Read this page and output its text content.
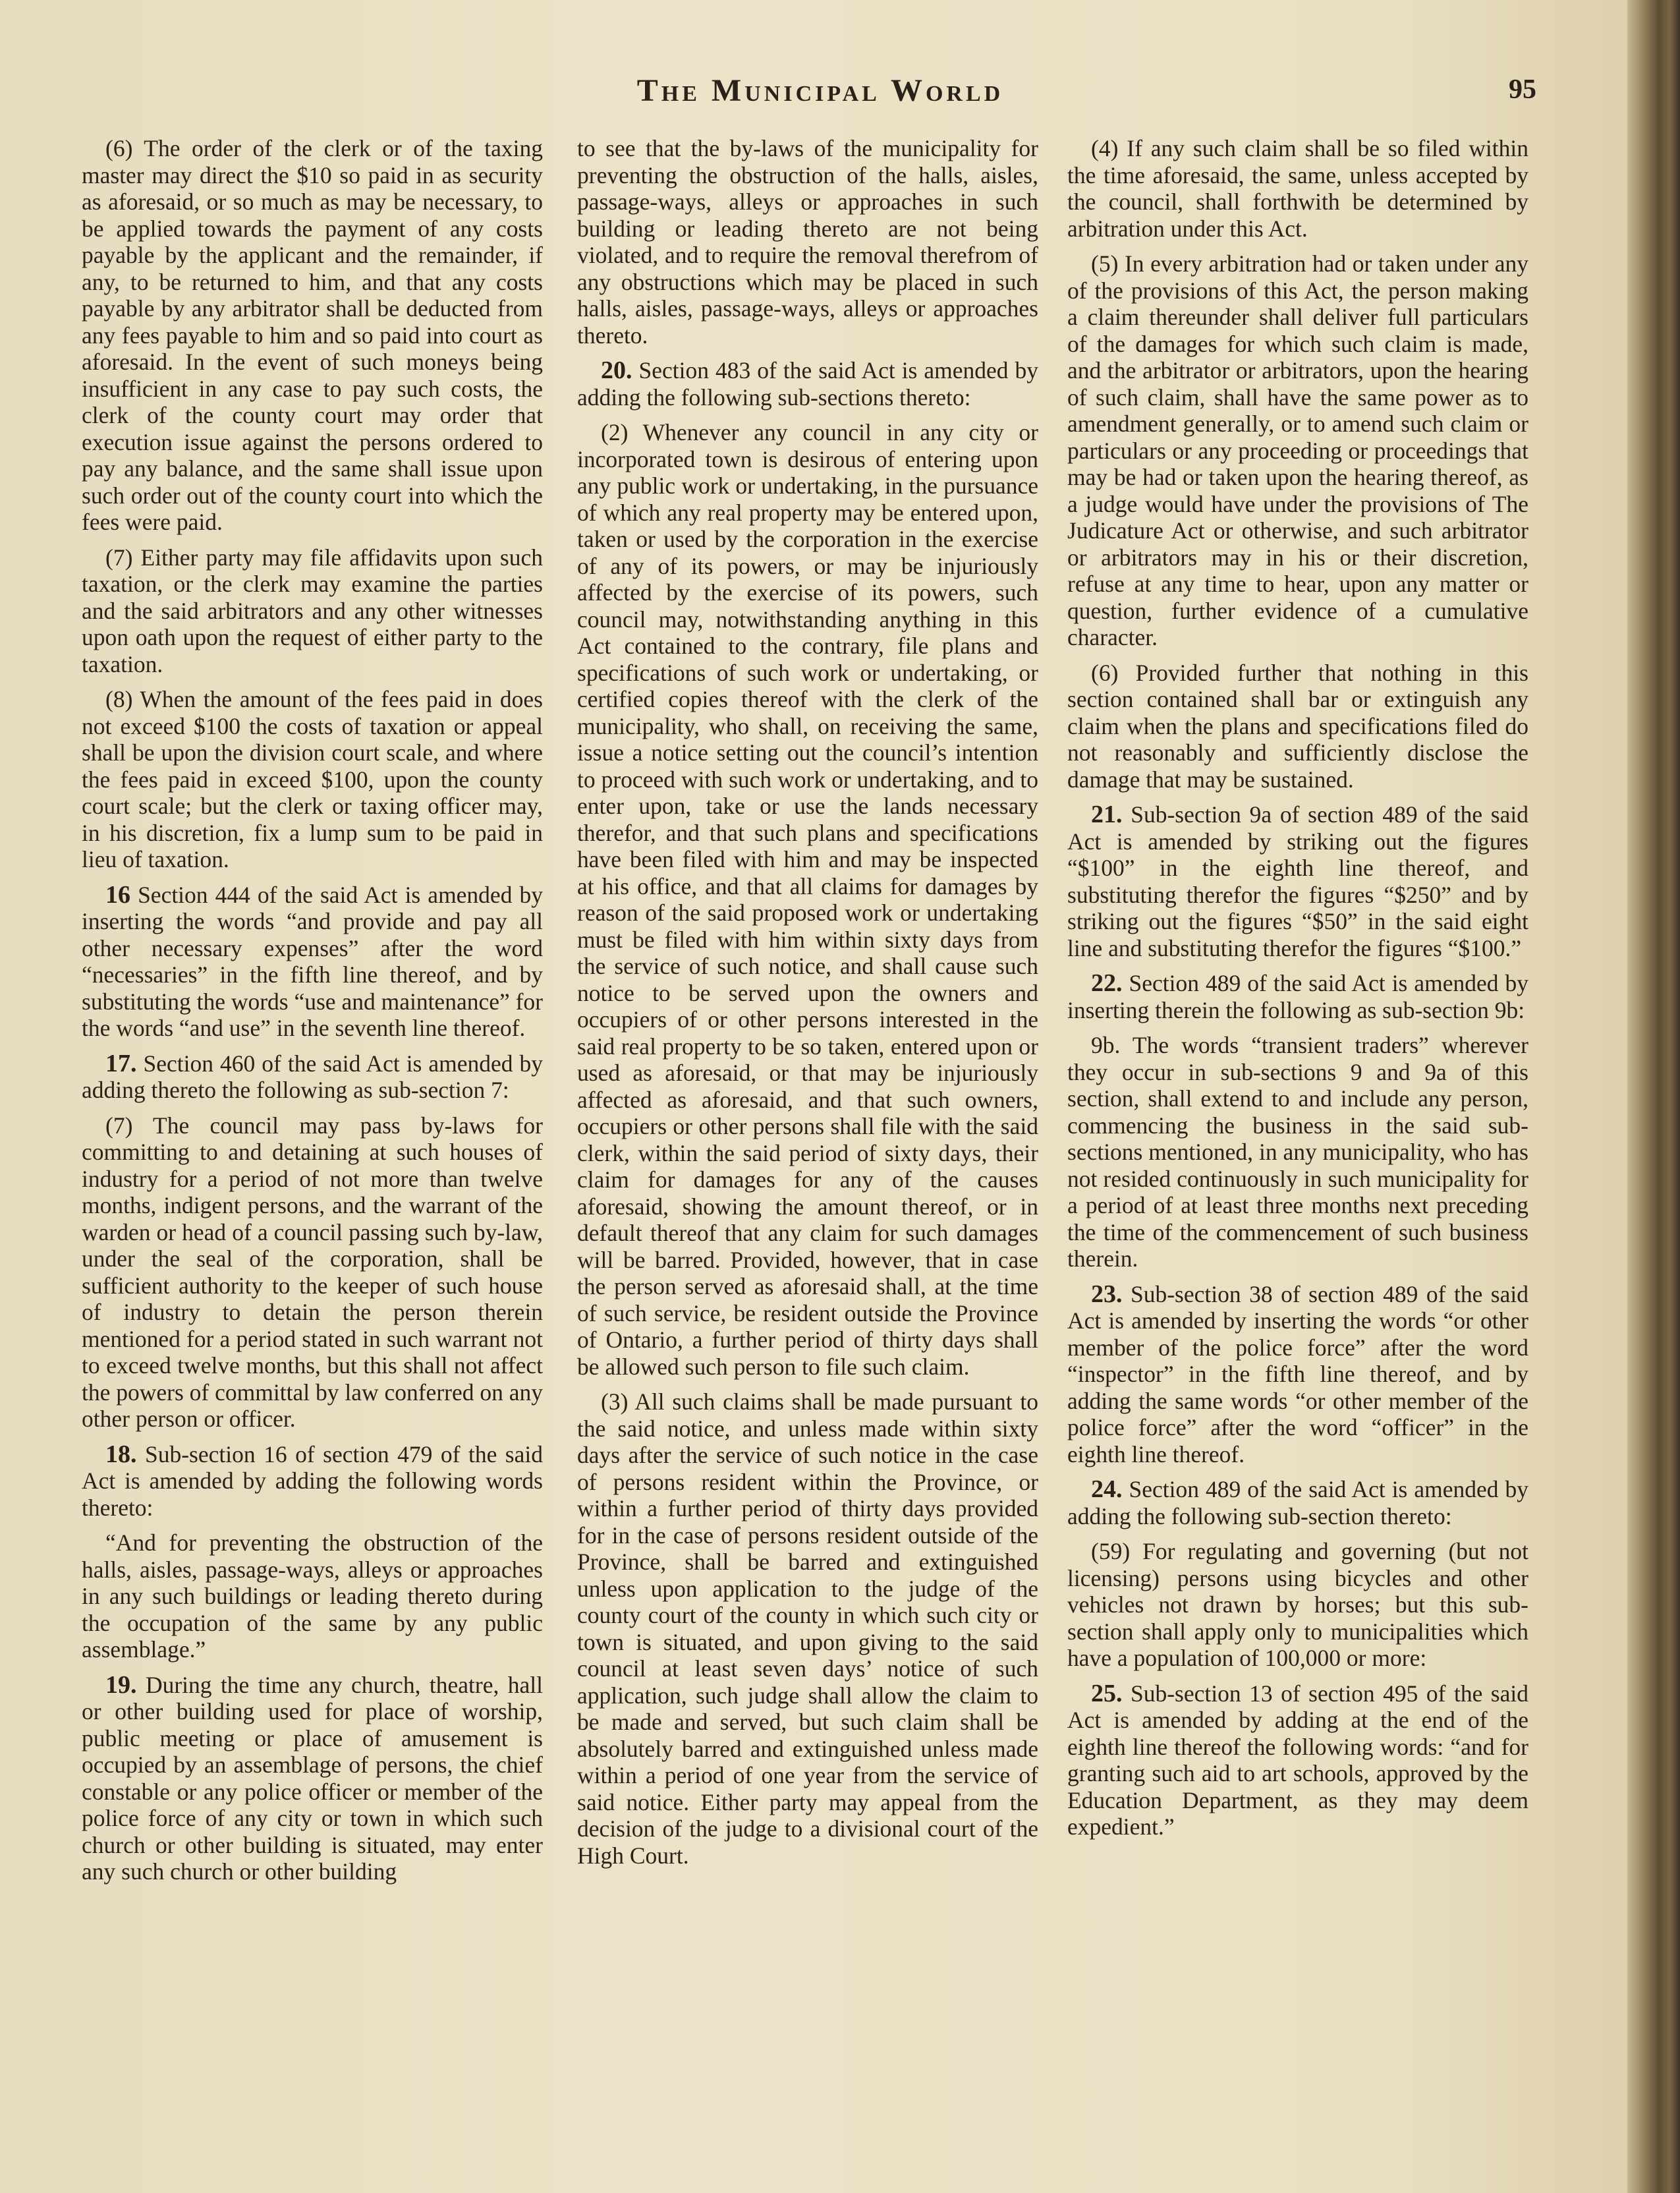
The Municipal World	95

(6) The order of the clerk or of the taxing master may direct the $10 so paid in as security as aforesaid, or so much as may be necessary, to be applied towards the payment of any costs payable by the applicant and the remainder, if any, to be returned to him, and that any costs payable by any arbitrator shall be deducted from any fees payable to him and so paid into court as aforesaid. In the event of such moneys being insufficient in any case to pay such costs, the clerk of the county court may order that execution issue against the persons ordered to pay any balance, and the same shall issue upon such order out of the county court into which the fees were paid.

(7) Either party may file affidavits upon such taxation, or the clerk may examine the parties and the said arbitrators and any other witnesses upon oath upon the request of either party to the taxation.

(8) When the amount of the fees paid in does not exceed $100 the costs of taxation or appeal shall be upon the division court scale, and where the fees paid in exceed $100, upon the county court scale; but the clerk or taxing officer may, in his discretion, fix a lump sum to be paid in lieu of taxation.

16 Section 444 of the said Act is amended by inserting the words “and provide and pay all other necessary expenses” after the word “necessaries” in the fifth line thereof, and by substituting the words “use and maintenance” for the words “and use” in the seventh line thereof.

17. Section 460 of the said Act is amended by adding thereto the following as sub-section 7:

(7) The council may pass by-laws for committing to and detaining at such houses of industry for a period of not more than twelve months, indigent persons, and the warrant of the warden or head of a council passing such by-law, under the seal of the corporation, shall be sufficient authority to the keeper of such house of industry to detain the person therein mentioned for a period stated in such warrant not to exceed twelve months, but this shall not affect the powers of committal by law conferred on any other person or officer.

18. Sub-section 16 of section 479 of the said Act is amended by adding the following words thereto:

“And for preventing the obstruction of the halls, aisles, passage-ways, alleys or approaches in any such buildings or leading thereto during the occupation of the same by any public assemblage.”

19. During the time any church, theatre, hall or other building used for place of worship, public meeting or place of amusement is occupied by an assemblage of persons, the chief constable or any police officer or member of the police force of any city or town in which such church or other building is situated, may enter any such church or other building

to see that the by-laws of the municipality for preventing the obstruction of the halls, aisles, passage-ways, alleys or approaches in such building or leading thereto are not being violated, and to require the removal therefrom of any obstructions which may be placed in such halls, aisles, passage-ways, alleys or approaches thereto.

20. Section 483 of the said Act is amended by adding the following sub-sections thereto:

(2) Whenever any council in any city or incorporated town is desirous of entering upon any public work or undertaking, in the pursuance of which any real property may be entered upon, taken or used by the corporation in the exercise of any of its powers, or may be injuriously affected by the exercise of its powers, such council may, notwithstanding anything in this Act contained to the contrary, file plans and specifications of such work or undertaking, or certified copies thereof with the clerk of the municipality, who shall, on receiving the same, issue a notice setting out the council’s intention to proceed with such work or undertaking, and to enter upon, take or use the lands necessary therefor, and that such plans and specifications have been filed with him and may be inspected at his office, and that all claims for damages by reason of the said proposed work or undertaking must be filed with him within sixty days from the service of such notice, and shall cause such notice to be served upon the owners and occupiers of or other persons interested in the said real property to be so taken, entered upon or used as aforesaid, or that may be injuriously affected as aforesaid, and that such owners, occupiers or other persons shall file with the said clerk, within the said period of sixty days, their claim for damages for any of the causes aforesaid, showing the amount thereof, or in default thereof that any claim for such damages will be barred. Provided, however, that in case the person served as aforesaid shall, at the time of such service, be resident outside the Province of Ontario, a further period of thirty days shall be allowed such person to file such claim.

(3) All such claims shall be made pursuant to the said notice, and unless made within sixty days after the service of such notice in the case of persons resident within the Province, or within a further period of thirty days provided for in the case of persons resident outside of the Province, shall be barred and extinguished unless upon application to the judge of the county court of the county in which such city or town is situated, and upon giving to the said council at least seven days’ notice of such application, such judge shall allow the claim to be made and served, but such claim shall be absolutely barred and extinguished unless made within a period of one year from the service of said notice. Either party may appeal from the decision of the judge to a divisional court of the High Court.

(4) If any such claim shall be so filed within the time aforesaid, the same, unless accepted by the council, shall forthwith be determined by arbitration under this Act.

(5) In every arbitration had or taken under any of the provisions of this Act, the person making a claim thereunder shall deliver full particulars of the damages for which such claim is made, and the arbitrator or arbitrators, upon the hearing of such claim, shall have the same power as to amendment generally, or to amend such claim or particulars or any proceeding or proceedings that may be had or taken upon the hearing thereof, as a judge would have under the provisions of The Judicature Act or otherwise, and such arbitrator or arbitrators may in his or their discretion, refuse at any time to hear, upon any matter or question, further evidence of a cumulative character.

(6) Provided further that nothing in this section contained shall bar or extinguish any claim when the plans and specifications filed do not reasonably and sufficiently disclose the damage that may be sustained.

21. Sub-section 9a of section 489 of the said Act is amended by striking out the figures “$100” in the eighth line thereof, and substituting therefor the figures “$250” and by striking out the figures “$50” in the said eight line and substituting therefor the figures “$100.”

22. Section 489 of the said Act is amended by inserting therein the following as sub-section 9b:

9b. The words “transient traders” wherever they occur in sub-sections 9 and 9a of this section, shall extend to and include any person, commencing the business in the said sub-sections mentioned, in any municipality, who has not resided continuously in such municipality for a period of at least three months next preceding the time of the commencement of such business therein.

23. Sub-section 38 of section 489 of the said Act is amended by inserting the words “or other member of the police force” after the word “inspector” in the fifth line thereof, and by adding the same words “or other member of the police force” after the word “officer” in the eighth line thereof.

24. Section 489 of the said Act is amended by adding the following sub-section thereto:

(59) For regulating and governing (but not licensing) persons using bicycles and other vehicles not drawn by horses; but this sub-section shall apply only to municipalities which have a population of 100,000 or more:

25. Sub-section 13 of section 495 of the said Act is amended by adding at the end of the eighth line thereof the following words: “and for granting such aid to art schools, approved by the Education Department, as they may deem expedient.”
